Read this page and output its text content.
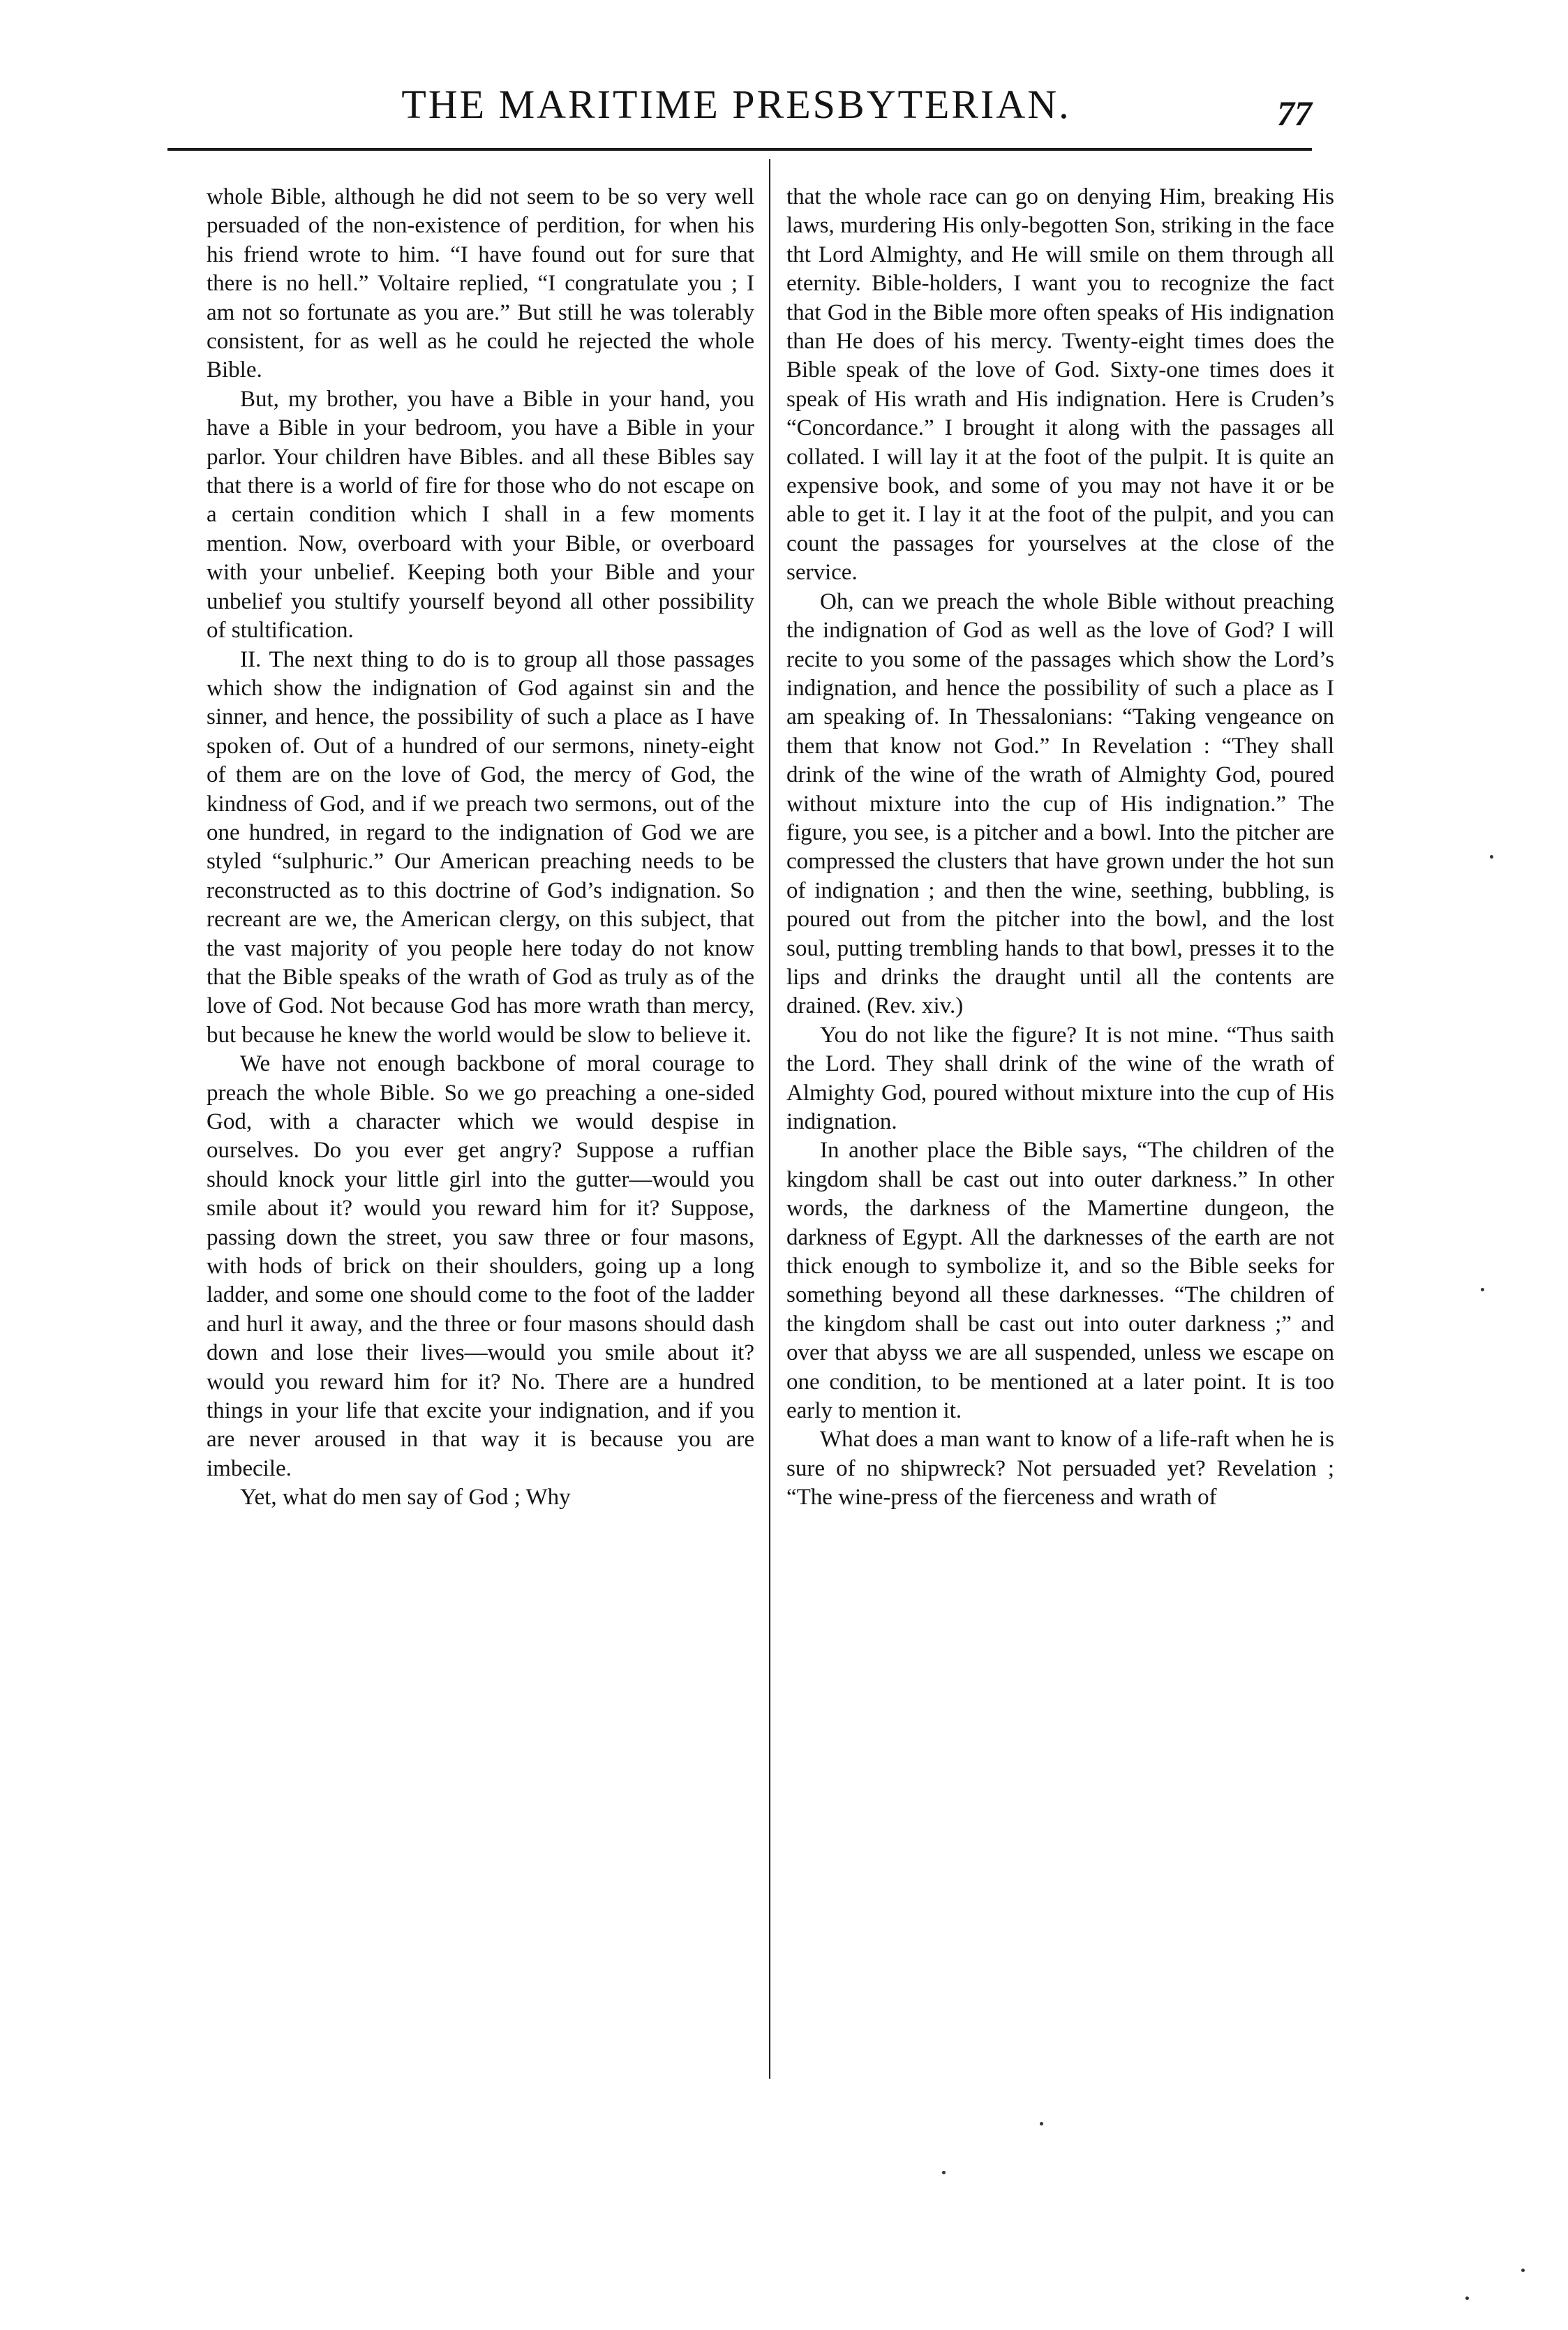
THE MARITIME PRESBYTERIAN.	77

whole Bible, although he did not seem to be so very well persuaded of the non-existence of perdition, for when his his friend wrote to him. “I have found out for sure that there is no hell.” Voltaire replied, “I congratulate you ; I am not so fortunate as you are.” But still he was tolerably consistent, for as well as he could he rejected the whole Bible.

But, my brother, you have a Bible in your hand, you have a Bible in your bedroom, you have a Bible in your parlor. Your children have Bibles. and all these Bibles say that there is a world of fire for those who do not escape on a certain condition which I shall in a few moments mention. Now, overboard with your Bible, or overboard with your unbelief. Keeping both your Bible and your unbelief you stultify yourself beyond all other possibility of stultification.

II. The next thing to do is to group all those passages which show the indignation of God against sin and the sinner, and hence, the possibility of such a place as I have spoken of. Out of a hundred of our sermons, ninety-eight of them are on the love of God, the mercy of God, the kindness of God, and if we preach two sermons, out of the one hundred, in regard to the indignation of God we are styled “sulphuric.” Our American preaching needs to be reconstructed as to this doctrine of God’s indignation. So recreant are we, the American clergy, on this subject, that the vast majority of you people here today do not know that the Bible speaks of the wrath of God as truly as of the love of God. Not because God has more wrath than mercy, but because he knew the world would be slow to believe it.

We have not enough backbone of moral courage to preach the whole Bible. So we go preaching a one-sided God, with a character which we would despise in ourselves. Do you ever get angry? Suppose a ruffian should knock your little girl into the gutter—would you smile about it? would you reward him for it? Suppose, passing down the street, you saw three or four masons, with hods of brick on their shoulders, going up a long ladder, and some one should come to the foot of the ladder and hurl it away, and the three or four masons should dash down and lose their lives—would you smile about it? would you reward him for it? No. There are a hundred things in your life that excite your indignation, and if you are never aroused in that way it is because you are imbecile.

Yet, what do men say of God ; Why

that the whole race can go on denying Him, breaking His laws, murdering His only-begotten Son, striking in the face tht Lord Almighty, and He will smile on them through all eternity. Bible-holders, I want you to recognize the fact that God in the Bible more often speaks of His indignation than He does of his mercy. Twenty-eight times does the Bible speak of the love of God. Sixty-one times does it speak of His wrath and His indignation. Here is Cruden’s “Concordance.” I brought it along with the passages all collated. I will lay it at the foot of the pulpit. It is quite an expensive book, and some of you may not have it or be able to get it. I lay it at the foot of the pulpit, and you can count the passages for yourselves at the close of the service.

Oh, can we preach the whole Bible without preaching the indignation of God as well as the love of God? I will recite to you some of the passages which show the Lord’s indignation, and hence the possibility of such a place as I am speaking of. In Thessalonians: “Taking vengeance on them that know not God.” In Revelation : “They shall drink of the wine of the wrath of Almighty God, poured without mixture into the cup of His indignation.” The figure, you see, is a pitcher and a bowl. Into the pitcher are compressed the clusters that have grown under the hot sun of indignation ; and then the wine, seething, bubbling, is poured out from the pitcher into the bowl, and the lost soul, putting trembling hands to that bowl, presses it to the lips and drinks the draught until all the contents are drained. (Rev. xiv.)

You do not like the figure? It is not mine. “Thus saith the Lord. They shall drink of the wine of the wrath of Almighty God, poured without mixture into the cup of His indignation.

In another place the Bible says, “The children of the kingdom shall be cast out into outer darkness.” In other words, the darkness of the Mamertine dungeon, the darkness of Egypt. All the darknesses of the earth are not thick enough to symbolize it, and so the Bible seeks for something beyond all these darknesses. “The children of the kingdom shall be cast out into outer darkness ;” and over that abyss we are all suspended, unless we escape on one condition, to be mentioned at a later point. It is too early to mention it.

What does a man want to know of a life-raft when he is sure of no shipwreck? Not persuaded yet? Revelation ; “The wine-press of the fierceness and wrath of
